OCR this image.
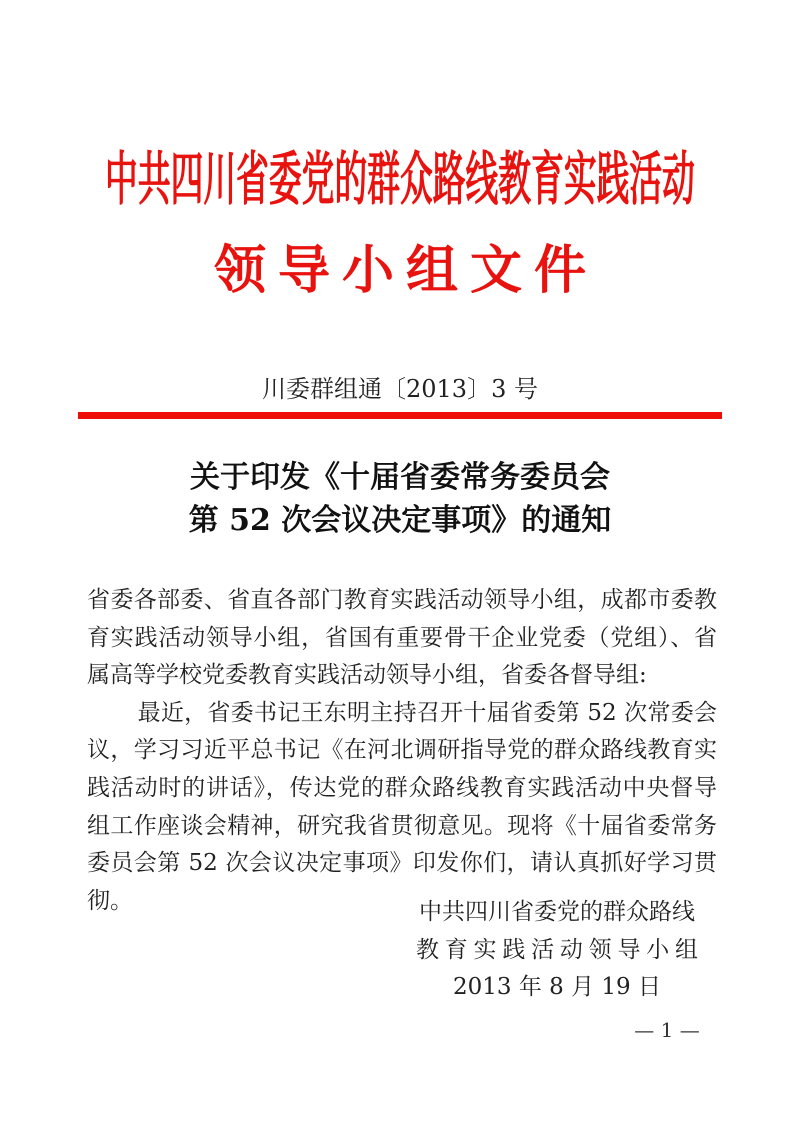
中共四川省委党的群众路线教育实践活动
领导小组文件
川委群组通〔2013〕3 号
关于印发《十届省委常务委员会
第 52 次会议决定事项》的通知

省委各部委、省直各部门教育实践活动领导小组，成都市委教育实践活动领导小组，省国有重要骨干企业党委（党组）、省属高等学校党委教育实践活动领导小组，省委各督导组:

最近，省委书记王东明主持召开十届省委第 52 次常委会议，学习习近平总书记《在河北调研指导党的群众路线教育实践活动时的讲话》，传达党的群众路线教育实践活动中央督导组工作座谈会精神，研究我省贯彻意见。现将《十届省委常务委员会第 52 次会议决定事项》印发你们，请认真抓好学习贯彻。	中共四川省委党的群众路线
教育实践活动领导小组
2013 年 8 月 19 日
— 1 —
